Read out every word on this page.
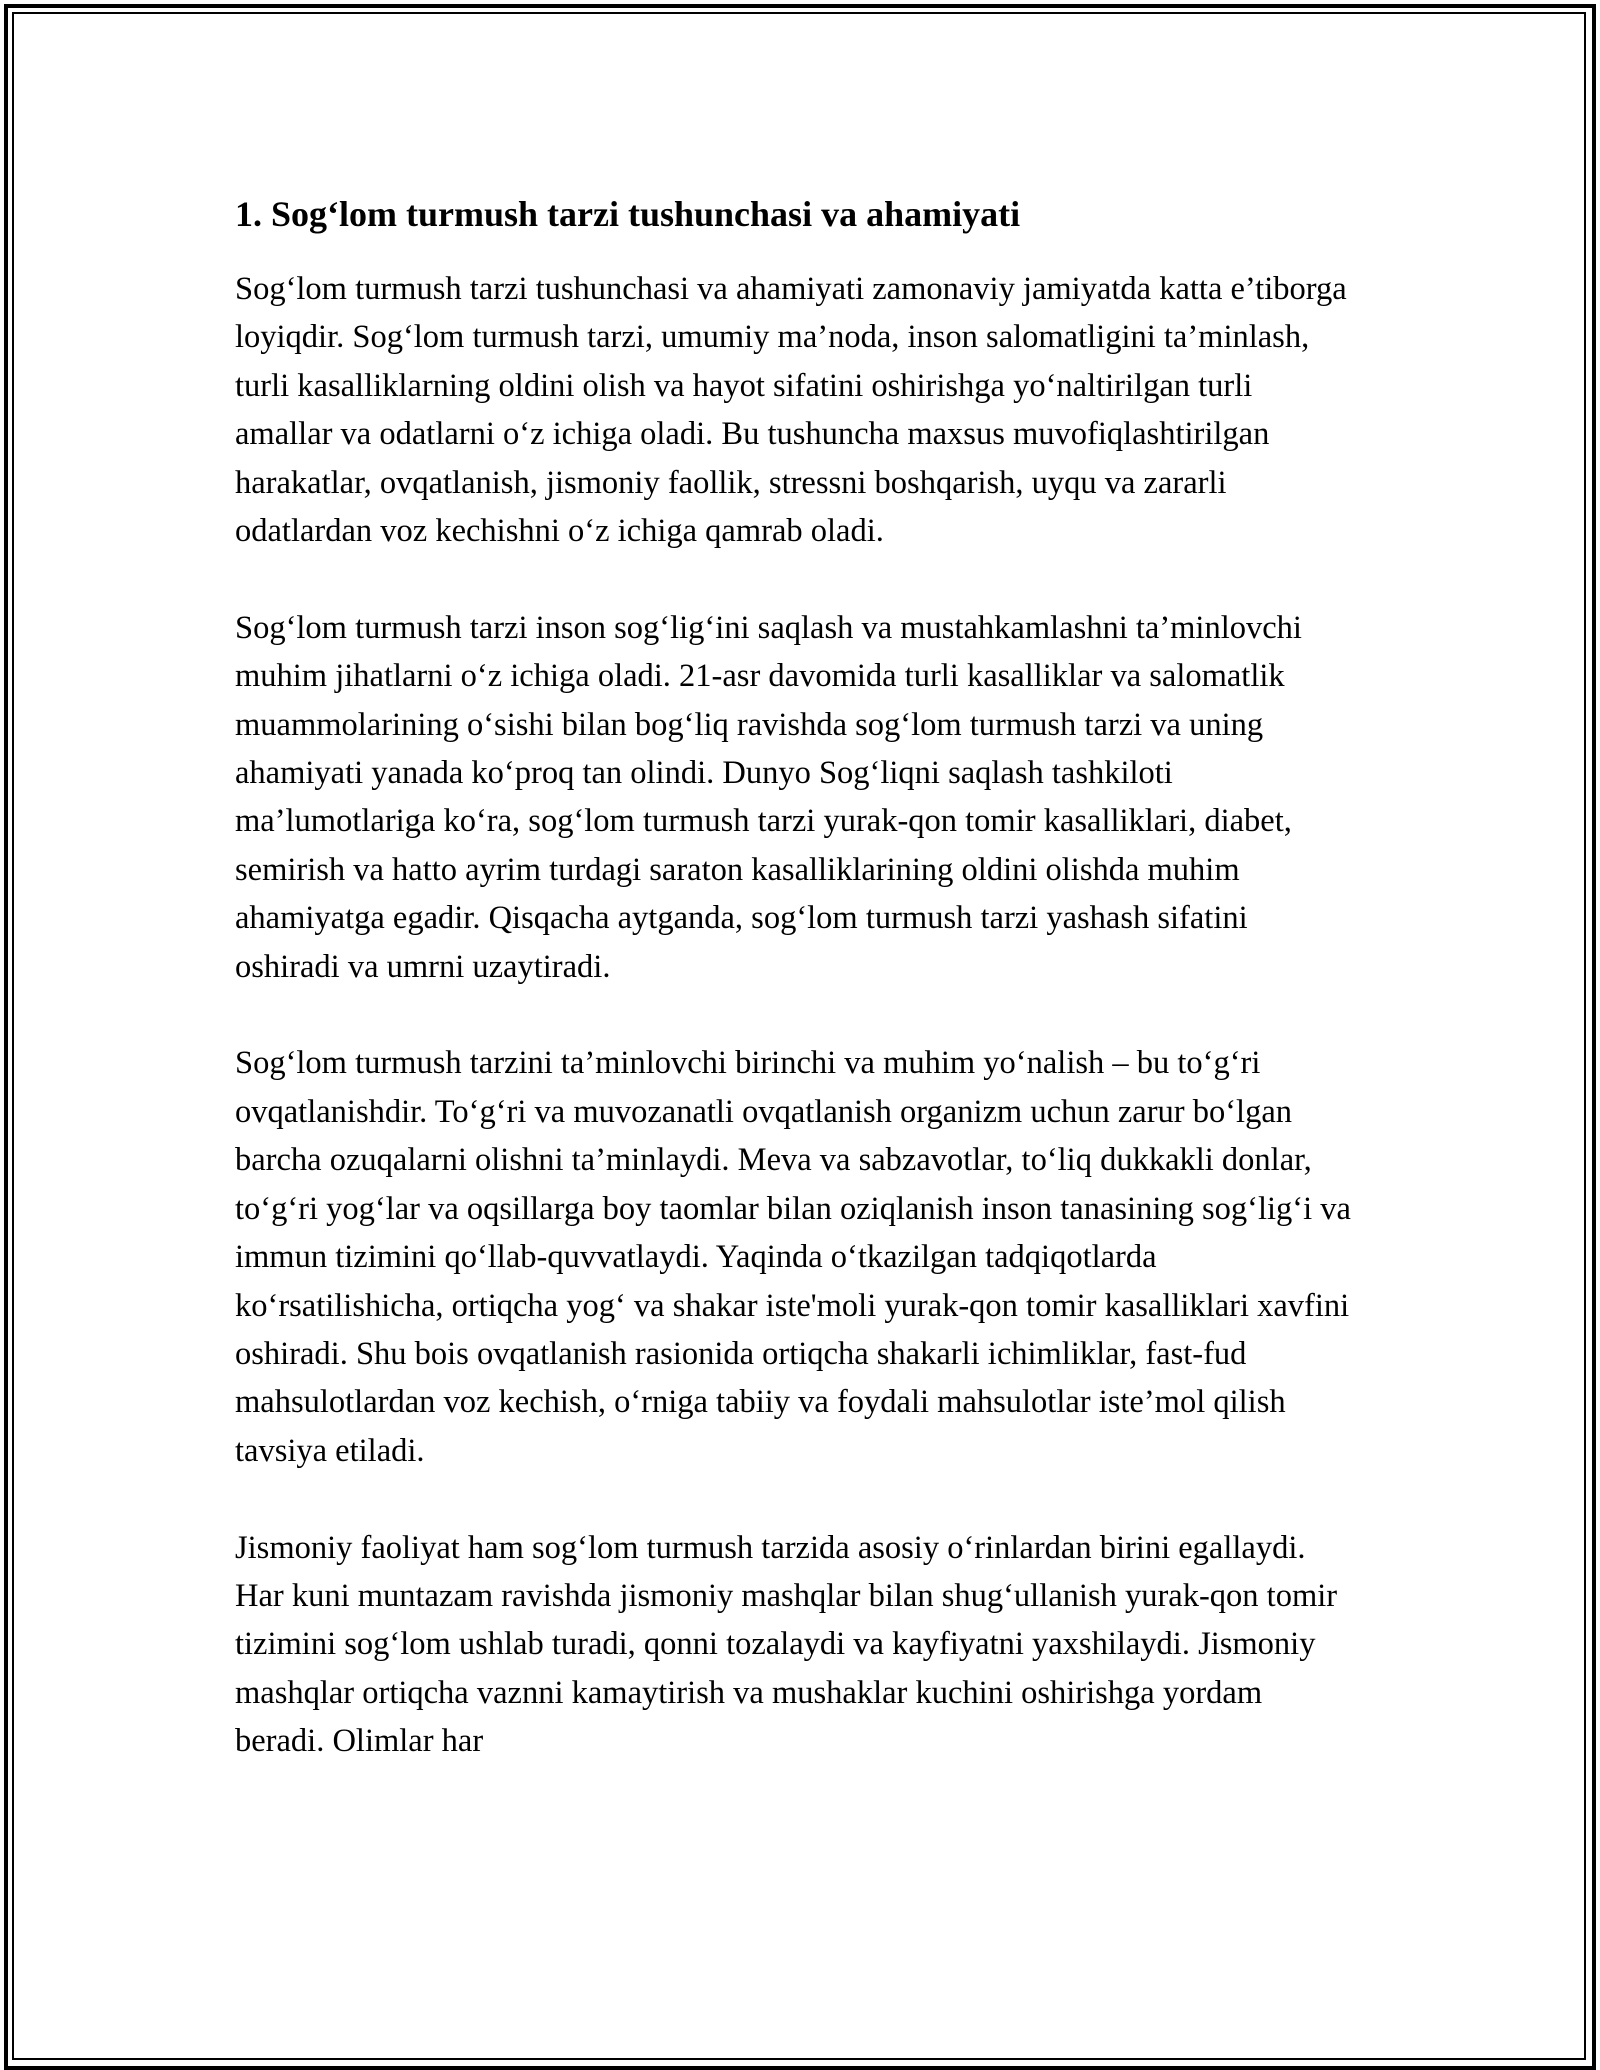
1. Sog‘lom turmush tarzi tushunchasi va ahamiyati

Sog‘lom turmush tarzi tushunchasi va ahamiyati zamonaviy jamiyatda katta e’tiborga loyiqdir. Sog‘lom turmush tarzi, umumiy ma’noda, inson salomatligini ta’minlash, turli kasalliklarning oldini olish va hayot sifatini oshirishga yo‘naltirilgan turli amallar va odatlarni o‘z ichiga oladi. Bu tushuncha maxsus muvofiqlashtirilgan harakatlar, ovqatlanish, jismoniy faollik, stressni boshqarish, uyqu va zararli odatlardan voz kechishni o‘z ichiga qamrab oladi.

Sog‘lom turmush tarzi inson sog‘lig‘ini saqlash va mustahkamlashni ta’minlovchi muhim jihatlarni o‘z ichiga oladi. 21-asr davomida turli kasalliklar va salomatlik muammolarining o‘sishi bilan bog‘liq ravishda sog‘lom turmush tarzi va uning ahamiyati yanada ko‘proq tan olindi. Dunyo Sog‘liqni saqlash tashkiloti ma’lumotlariga ko‘ra, sog‘lom turmush tarzi yurak-qon tomir kasalliklari, diabet, semirish va hatto ayrim turdagi saraton kasalliklarining oldini olishda muhim ahamiyatga egadir. Qisqacha aytganda, sog‘lom turmush tarzi yashash sifatini oshiradi va umrni uzaytiradi.

Sog‘lom turmush tarzini ta’minlovchi birinchi va muhim yo‘nalish – bu to‘g‘ri ovqatlanishdir. To‘g‘ri va muvozanatli ovqatlanish organizm uchun zarur bo‘lgan barcha ozuqalarni olishni ta’minlaydi. Meva va sabzavotlar, to‘liq dukkakli donlar, to‘g‘ri yog‘lar va oqsillarga boy taomlar bilan oziqlanish inson tanasining sog‘lig‘i va immun tizimini qo‘llab-quvvatlaydi. Yaqinda o‘tkazilgan tadqiqotlarda ko‘rsatilishicha, ortiqcha yog‘ va shakar iste'moli yurak-qon tomir kasalliklari xavfini oshiradi. Shu bois ovqatlanish rasionida ortiqcha shakarli ichimliklar, fast-fud mahsulotlardan voz kechish, o‘rniga tabiiy va foydali mahsulotlar iste’mol qilish tavsiya etiladi.

Jismoniy faoliyat ham sog‘lom turmush tarzida asosiy o‘rinlardan birini egallaydi. Har kuni muntazam ravishda jismoniy mashqlar bilan shug‘ullanish yurak-qon tomir tizimini sog‘lom ushlab turadi, qonni tozalaydi va kayfiyatni yaxshilaydi. Jismoniy mashqlar ortiqcha vaznni kamaytirish va mushaklar kuchini oshirishga yordam beradi. Olimlar har
